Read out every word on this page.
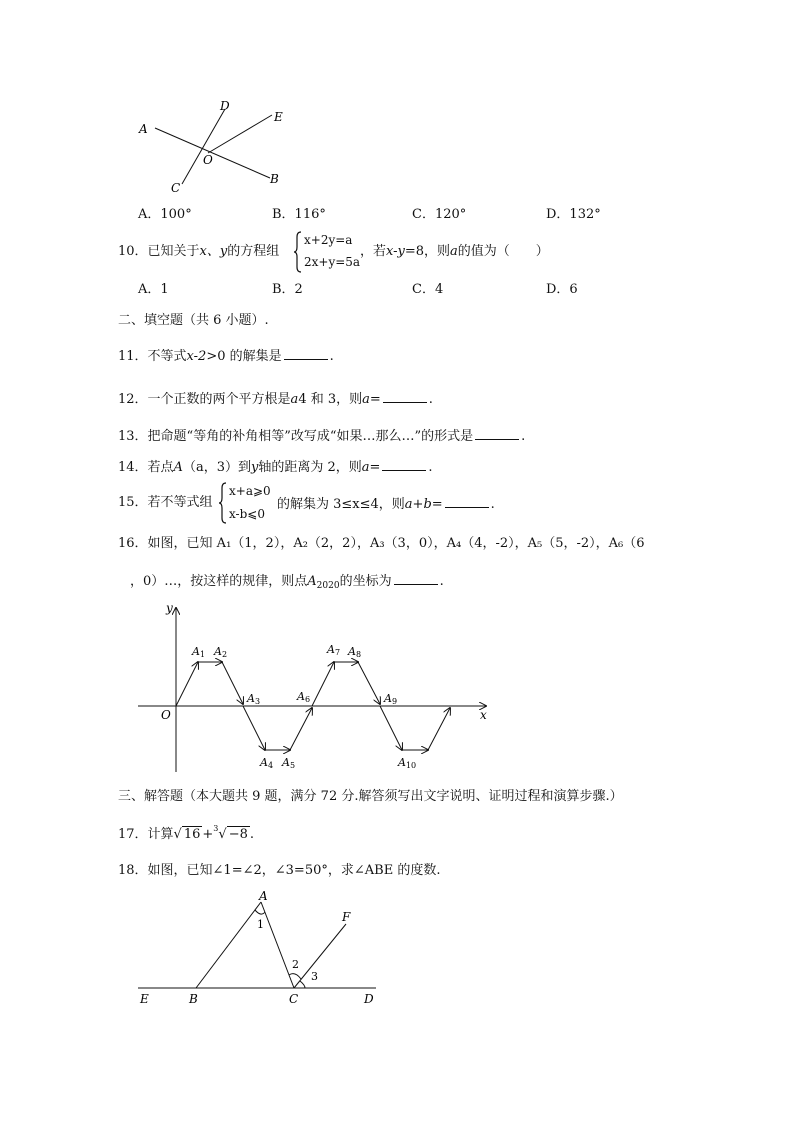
D
E
A
O
B
C
A．100°	B．116°	C．120°	D．132°
10．已知关于x、y的方程组
x+2y=a
2x+y=5a
，若x-y=8，则a的值为（　　）
A．1	B．2	C．4	D．6
二、填空题（共 6 小题）.
11．不等式x-2>0 的解集是	.
12．一个正数的两个平方根是a4 和 3，则a=	.
13．把命题“等角的补角相等”改写成“如果…那么…”的形式是	.
14．若点A（a，3）到y轴的距离为 2，则a=	.
15．若不等式组
x+a⩾0
x-b⩽0
的解集为 3≤x≤4，则a+b=	.
16．如图，已知 A₁（1，2），A₂（2，2），A₃（3，0），A₄（4，-2），A₅（5，-2），A₆（6
，0）…，按这样的规律，则点$A_{2020}$的坐标为	.
x
y
O
A1 A2
A3
A4 A5
A6
A7 A8
A9
A10
三、解答题（本大题共 9 题，满分 72 分.解答须写出文字说明、证明过程和演算步骤.）
17．计算√ 16 +$^3$√ −8 .
18．如图，已知∠1=∠2，∠3=50°，求∠ABE 的度数.
A
F
1
2
3
E	B	C	D
